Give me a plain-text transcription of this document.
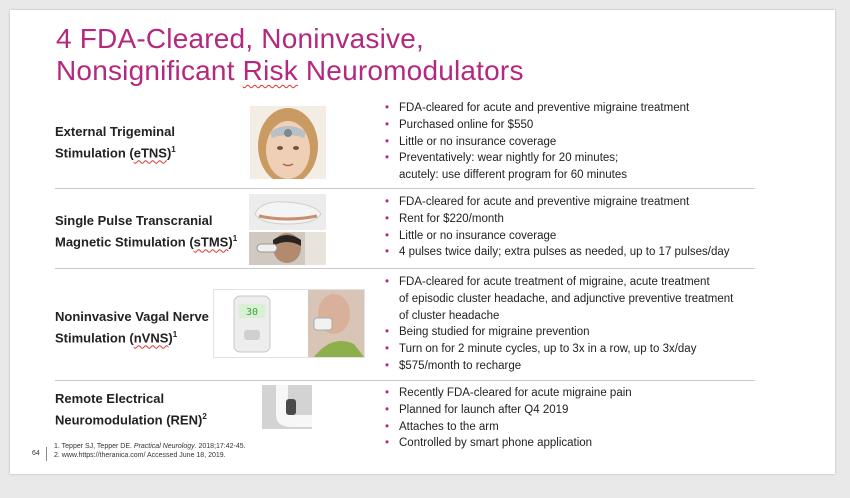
4 FDA-Cleared, Noninvasive,
Nonsignificant Risk Neuromodulators
External Trigeminal
Stimulation (eTNS)$^1$
• FDA-cleared for acute and preventive migraine treatment
• Purchased online for $550
• Little or no insurance coverage
• Preventatively: wear nightly for 20 minutes;
acutely: use different program for 60 minutes
Single Pulse Transcranial
Magnetic Stimulation (sTMS)$^1$
• FDA-cleared for acute and preventive migraine treatment
• Rent for $220/month
• Little or no insurance coverage
• 4 pulses twice daily; extra pulses as needed, up to 17 pulses/day
Noninvasive Vagal Nerve
Stimulation (nVNS)$^1$
30
• FDA-cleared for acute treatment of migraine, acute treatment
of episodic cluster headache, and adjunctive preventive treatment
of cluster headache
• Being studied for migraine prevention
• Turn on for 2 minute cycles, up to 3x in a row, up to 3x/day
• $575/month to recharge
Remote Electrical
Neuromodulation (REN)$^2$
• Recently FDA-cleared for acute migraine pain
• Planned for launch after Q4 2019
• Attaches to the arm
• Controlled by smart phone application
64
1. Tepper SJ, Tepper DE. Practical Neurology. 2018;17:42-45.
2. www.https://theranica.com/ Accessed June 18, 2019.
